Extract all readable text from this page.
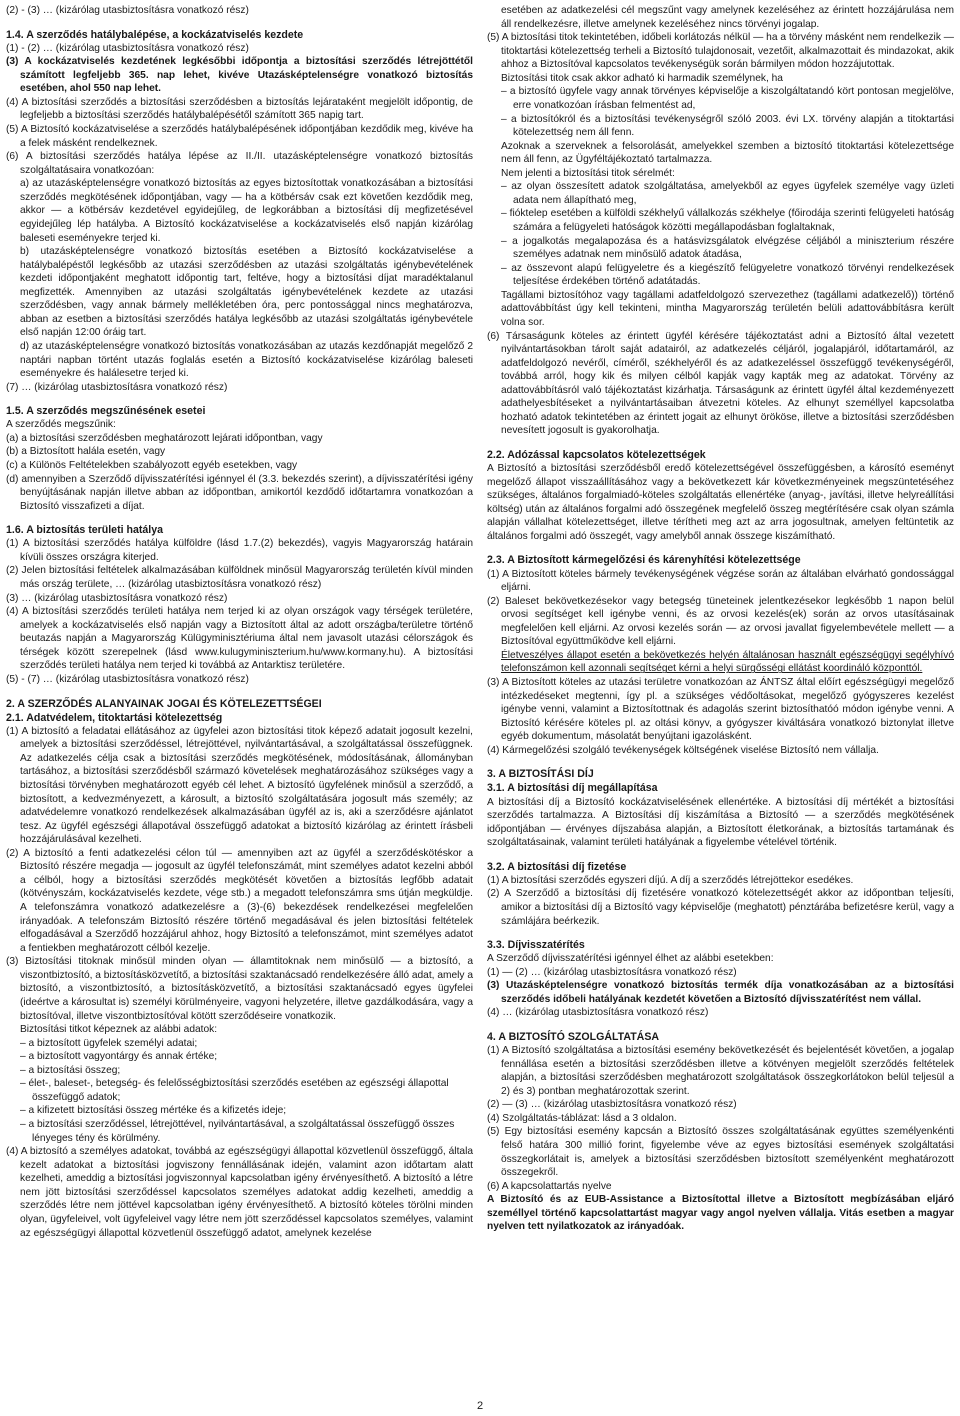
(2) - (3) … (kizárólag utasbiztosításra vonatkozó rész)

1.4. A szerződés hatálybalépése, a kockázatviselés kezdete

(1) - (2) … (kizárólag utasbiztosításra vonatkozó rész)

(3) A kockázatviselés kezdetének legkésőbbi időpontja a biztosítási szerződés létrejöttétől számított legfeljebb 365. nap lehet, kivéve Utazásképtelenségre vonatkozó biztosítás esetében, ahol 550 nap lehet.

(4) A biztosítási szerződés a biztosítási szerződésben a biztosítás lejárataként megjelölt időpontig, de legfeljebb a biztosítási szerződés hatálybalépésétől számított 365 napig tart.

(5) A Biztosító kockázatviselése a szerződés hatálybalépésének időpontjában kezdődik meg, kivéve ha a felek másként rendelkeznek.

(6) A biztosítási szerződés hatálya lépése az II./II. utazásképtelenségre vonatkozó biztosítás szolgáltatásaira vonatkozóan:

a) az utazásképtelenségre vonatkozó biztosítás az egyes biztosítottak vonatkozásában a biztosítási szerződés megkötésének időpontjában, vagy — ha a kötbérsáv csak ezt követően kezdődik meg, akkor — a kötbérsáv kezdetével egyidejűleg, de legkorábban a biztosítási díj megfizetésével egyidejűleg lép hatályba. A Biztosító kockázatviselése a kockázatviselés első napján kizárólag baleseti eseményekre terjed ki.

b) utazásképtelenségre vonatkozó biztosítás esetében a Biztosító kockázatviselése a hatálybalépéstől legkésőbb az utazási szerződésben az utazási szolgáltatás igénybevételének kezdeti időpontjaként meghatott időpontig tart, feltéve, hogy a biztosítási díjat maradéktalanul megfizették. Amennyiben az utazási szolgáltatás igénybevételének kezdete az utazási szerződésben, vagy annak bármely mellékletében óra, perc pontossággal nincs meghatározva, abban az esetben a biztosítási szerződés hatálya legkésőbb az utazási szolgáltatás igénybevétele első napján 12:00 óráig tart.

d) az utazásképtelenségre vonatkozó biztosítás vonatkozásában az utazás kezdőnapját megelőző 2 naptári napban történt utazás foglalás esetén a Biztosító kockázatviselése kizárólag baleseti eseményekre és halálesetre terjed ki.

(7) … (kizárólag utasbiztosításra vonatkozó rész)

1.5. A szerződés megszűnésének esetei

A szerződés megszűnik:

(a) a biztosítási szerződésben meghatározott lejárati időpontban, vagy

(b) a Biztosított halála esetén, vagy

(c) a Különös Feltételekben szabályozott egyéb esetekben, vagy

(d) amennyiben a Szerződő díjvisszatérítési igénnyel él (3.3. bekezdés szerint), a díjvisszatérítési igény benyújtásának napján illetve abban az időpontban, amikortól kezdődő időtartamra vonatkozóan a Biztosító visszafizeti a díjat.

1.6. A biztosítás területi hatálya

(1) A biztosítási szerződés hatálya külföldre (lásd 1.7.(2) bekezdés), vagyis Magyarország határain kívüli összes országra kiterjed.

(2) Jelen biztosítási feltételek alkalmazásában külföldnek minősül Magyarország területén kívül minden más ország területe, … (kizárólag utasbiztosításra vonatkozó rész)

(3) … (kizárólag utasbiztosításra vonatkozó rész)

(4) A biztosítási szerződés területi hatálya nem terjed ki az olyan országok vagy térségek területére, amelyek a kockázatviselés első napján vagy a Biztosított által az adott országba/területre történő beutazás napján a Magyarország Külügyminisztériuma által nem javasolt utazási célországok és térségek között szerepelnek (lásd www.kulugyminiszterium.hu/www.kormany.hu). A biztosítási szerződés területi hatálya nem terjed ki továbbá az Antarktisz területére.

(5) - (7) … (kizárólag utasbiztosításra vonatkozó rész)

2. A SZERZŐDÉS ALANYAINAK JOGAI ÉS KÖTELEZETTSÉGEI

2.1. Adatvédelem, titoktartási kötelezettség

(1) A biztosító a feladatai ellátásához az ügyfelei azon biztosítási titok képező adatait jogosult kezelni, amelyek a biztosítási szerződéssel, létrejöttével, nyilvántartásával, a szolgáltatással összefüggnek. Az adatkezelés célja csak a biztosítási szerződés megkötésének, módosításának, állományban tartásához, a biztosítási szerződésből származó követelések meghatározásához szükséges vagy a biztosítási törvényben meghatározott egyéb cél lehet. A biztosító ügyfelének minősül a szerződő, a biztosított, a kedvezményezett, a károsult, a biztosító szolgáltatására jogosult más személy; az adatvédelemre vonatkozó rendelkezések alkalmazásában ügyfél az is, aki a szerződésre ajánlatot tesz. Az ügyfél egészségi állapotával összefüggő adatokat a biztosító kizárólag az érintett írásbeli hozzájárulásával kezelheti.

(2) A biztosító a fenti adatkezelési célon túl — amennyiben azt az ügyfél a szerződéskötéskor a Biztosító részére megadja — jogosult az ügyfél telefonszámát, mint személyes adatot kezelni abból a célból, hogy a biztosítási szerződés megkötését követően a biztosítás legfőbb adatait (kötvényszám, kockázatviselés kezdete, vége stb.) a megadott telefonszámra sms útján megküldje. A telefonszámra vonatkozó adatkezelésre a (3)-(6) bekezdések rendelkezései megfelelően irányadóak. A telefonszám Biztosító részére történő megadásával és jelen biztosítási feltételek elfogadásával a Szerződő hozzájárul ahhoz, hogy Biztosító a telefonszámot, mint személyes adatot a fentiekben meghatározott célból kezelje.

(3) Biztosítási titoknak minősül minden olyan — államtitoknak nem minősülő — a biztosító, a viszontbiztosító, a biztosításközvetítő, a biztosítási szaktanácsadó rendelkezésére álló adat, amely a biztosító, a viszontbiztosító, a biztosításközvetítő, a biztosítási szaktanácsadó egyes ügyfelei (ideértve a károsultat is) személyi körülményeire, vagyoni helyzetére, illetve gazdálkodására, vagy a biztosítóval, illetve viszontbiztosítóval kötött szerződéseire vonatkozik.

Biztosítási titkot képeznek az alábbi adatok:

– a biztosított ügyfelek személyi adatai;

– a biztosított vagyontárgy és annak értéke;

– a biztosítási összeg;

– élet-, baleset-, betegség- és felelősségbiztosítási szerződés esetében az egészségi állapottal összefüggő adatok;

– a kifizetett biztosítási összeg mértéke és a kifizetés ideje;

– a biztosítási szerződéssel, létrejöttével, nyilvántartásával, a szolgáltatással összefüggő összes lényeges tény és körülmény.

(4) A biztosító a személyes adatokat, továbbá az egészségügyi állapottal közvetlenül összefüggő, általa kezelt adatokat a biztosítási jogviszony fennállásának idején, valamint azon időtartam alatt kezelheti, ameddig a biztosítási jogviszonnyal kapcsolatban igény érvényesíthető. A biztosító a létre nem jött biztosítási szerződéssel kapcsolatos személyes adatokat addig kezelheti, ameddig a szerződés létre nem jöttével kapcsolatban igény érvényesíthető. A biztosító köteles törölni minden olyan, ügyfeleivel, volt ügyfeleivel vagy létre nem jött szerződéssel kapcsolatos személyes, valamint az egészségügyi állapottal közvetlenül összefüggő adatot, amelynek kezelése

esetében az adatkezelési cél megszűnt vagy amelynek kezeléséhez az érintett hozzájárulása nem áll rendelkezésre, illetve amelynek kezeléséhez nincs törvényi jogalap.

(5) A biztosítási titok tekintetében, időbeli korlátozás nélkül — ha a törvény másként nem rendelkezik — titoktartási kötelezettség terheli a Biztosító tulajdonosait, vezetőit, alkalmazottait és mindazokat, akik ahhoz a Biztosítóval kapcsolatos tevékenységük során bármilyen módon hozzájutottak.

Biztosítási titok csak akkor adható ki harmadik személynek, ha

– a biztosító ügyfele vagy annak törvényes képviselője a kiszolgáltatandó kört pontosan megjelölve, erre vonatkozóan írásban felmentést ad,

– a biztosítókról és a biztosítási tevékenységről szóló 2003. évi LX. törvény alapján a titoktartási kötelezettség nem áll fenn.

Azoknak a szerveknek a felsorolását, amelyekkel szemben a biztosító titoktartási kötelezettsége nem áll fenn, az Ügyféltájékoztató tartalmazza.

Nem jelenti a biztosítási titok sérelmét:

– az olyan összesített adatok szolgáltatása, amelyekből az egyes ügyfelek személye vagy üzleti adata nem állapítható meg,

– fióktelep esetében a külföldi székhelyű vállalkozás székhelye (főirodája szerinti felügyeleti hatóság számára a felügyeleti hatóságok közötti megállapodásban foglaltaknak,

– a jogalkotás megalapozása és a hatásvizsgálatok elvégzése céljából a miniszterium részére személyes adatnak nem minősülő adatok átadása,

– az összevont alapú felügyeletre és a kiegészítő felügyeletre vonatkozó törvényi rendelkezések teljesítése érdekében történő adatátadás.

Tagállami biztosítóhoz vagy tagállami adatfeldolgozó szervezethez (tagállami adatkezelő)) történő adattovábbítást úgy kell tekinteni, mintha Magyarország területén belüli adattovábbításra került volna sor.

(6) Társaságunk köteles az érintett ügyfél kérésére tájékoztatást adni a Biztosító által vezetett nyilvántartásokban tárolt saját adatairól, az adatkezelés céljáról, jogalapjáról, időtartamáról, az adatfeldolgozó nevéről, címéről, székhelyéről és az adatkezeléssel összefüggő tevékenységéről, továbbá arról, hogy kik és milyen célból kapják vagy kapták meg az adatokat. Törvény az adattovábbításról való tájékoztatást kizárhatja. Társaságunk az érintett ügyfél által kezdeményezett adathelyesbítéseket a nyilvántartásaiban átvezetni köteles. Az elhunyt személlyel kapcsolatba hozható adatok tekintetében az érintett jogait az elhunyt örököse, illetve a biztosítási szerződésben nevesített jogosult is gyakorolhatja.

2.2. Adózással kapcsolatos kötelezettségek

A Biztosító a biztosítási szerződésből eredő kötelezettségével összefüggésben, a károsító eseményt megelőző állapot visszaállításához vagy a bekövetkezett kár következményeinek megszüntetéséhez szükséges, általános forgalmiadó-köteles szolgáltatás ellenértéke (anyag-, javítási, illetve helyreállítási költség) után az általános forgalmi adó összegének megfelelő összeg megtérítésére csak olyan számla alapján vállalhat kötelezettséget, illetve térítheti meg azt az arra jogosultnak, amelyen feltüntetik az általános forgalmi adó összegét, vagy amelyből annak összege kiszámítható.

2.3. A Biztosított kármegelőzési és kárenyhítési kötelezettsége

(1) A Biztosított köteles bármely tevékenységének végzése során az általában elvárható gondossággal eljárni.

(2) Baleset bekövetkezésekor vagy betegség tüneteinek jelentkezésekor legkésőbb 1 napon belül orvosi segítséget kell igénybe venni, és az orvosi kezelés(ek) során az orvos utasításainak megfelelően kell eljárni. Az orvosi kezelés során — az orvosi javallat figyelembevétele mellett — a Biztosítóval együttműködve kell eljárni.

Életveszélyes állapot esetén a bekövetkezés helyén általánosan használt egészségügyi segélyhívó telefonszámon kell azonnali segítséget kérni a helyi sürgősségi ellátást koordináló központtól.

(3) A Biztosított köteles az utazási területre vonatkozóan az ÁNTSZ által előírt egészségügyi megelőző intézkedéseket megtenni, így pl. a szükséges védőoltásokat, megelőző gyógyszeres kezelést igénybe venni, valamint a Biztosítottnak és adagolás szerint biztosíthatóó módon igénybe venni. A Biztosító kérésére köteles pl. az oltási könyv, a gyógyszer kiváltására vonatkozó biztonylat illetve egyéb dokumentum, másolatát benyújtani igazolásként.

(4) Kármegelőzési szolgáló tevékenységek költségének viselése Biztosító nem vállalja.

3. A BIZTOSÍTÁSI DÍJ

3.1. A biztosítási díj megállapítása

A biztosítási díj a Biztosító kockázatviselésének ellenértéke. A biztosítási díj mértékét a biztosítási szerződés tartalmazza. A Biztosítási díj kiszámítása a Biztosító — a szerződés megkötésének időpontjában — érvényes díjszabása alapján, a Biztosított életkorának, a biztosítás tartamának és szolgáltatásainak, valamint területi hatályának a figyelembe vételével történik.

3.2. A biztosítási díj fizetése

(1) A biztosítási szerződés egyszeri díjú. A díj a szerződés létrejöttekor esedékes.

(2) A Szerződő a biztosítási díj fizetésére vonatkozó kötelezettségét akkor az időpontban teljesíti, amikor a biztosítási díj a Biztosító vagy képviselője (meghatott) pénztárába befizetésre kerül, vagy a számlájára beérkezik.

3.3. Díjvisszatérítés

A Szerződő díjvisszatérítési igénnyel élhet az alábbi esetekben:

(1) — (2) … (kizárólag utasbiztosításra vonatkozó rész)

(3) Utazásképtelenségre vonatkozó biztosítás termék díja vonatkozásában az a biztosítási szerződés időbeli hatályának kezdetét követően a Biztosító díjvisszatérítést nem vállal.

(4) … (kizárólag utasbiztosításra vonatkozó rész)

4. A BIZTOSÍTÓ SZOLGÁLTATÁSA

(1) A Biztosító szolgáltatása a biztosítási esemény bekövetkezését és bejelentését követően, a jogalap fennállása esetén a biztosítási szerződésben illetve a kötvényen megjelölt szerződés feltételek alapján, a biztosítási szerződésben meghatározott szolgáltatások összegkorlátokon belül teljesül a 2) és 3) pontban meghatározottak szerint.

(2) — (3) … (kizárólag utasbiztosításra vonatkozó rész)

(4) Szolgáltatás-táblázat: lásd a 3 oldalon.

(5) Egy biztosítási esemény kapcsán a Biztosító összes szolgáltatásának együttes személyenkénti felső határa 300 millió forint, figyelembe véve az egyes biztosítási események szolgáltatási összegkorlátait is, amelyek a biztosítási szerződésben biztosított személyenként meghatározott összegekről.

(6) A kapcsolattartás nyelve

A Biztosító és az EUB-Assistance a Biztosítottal illetve a Biztosított megbízásában eljáró személlyel történő kapcsolattartást magyar vagy angol nyelven vállalja. Vitás esetben a magyar nyelven tett nyilatkozatok az irányadóak.

2
